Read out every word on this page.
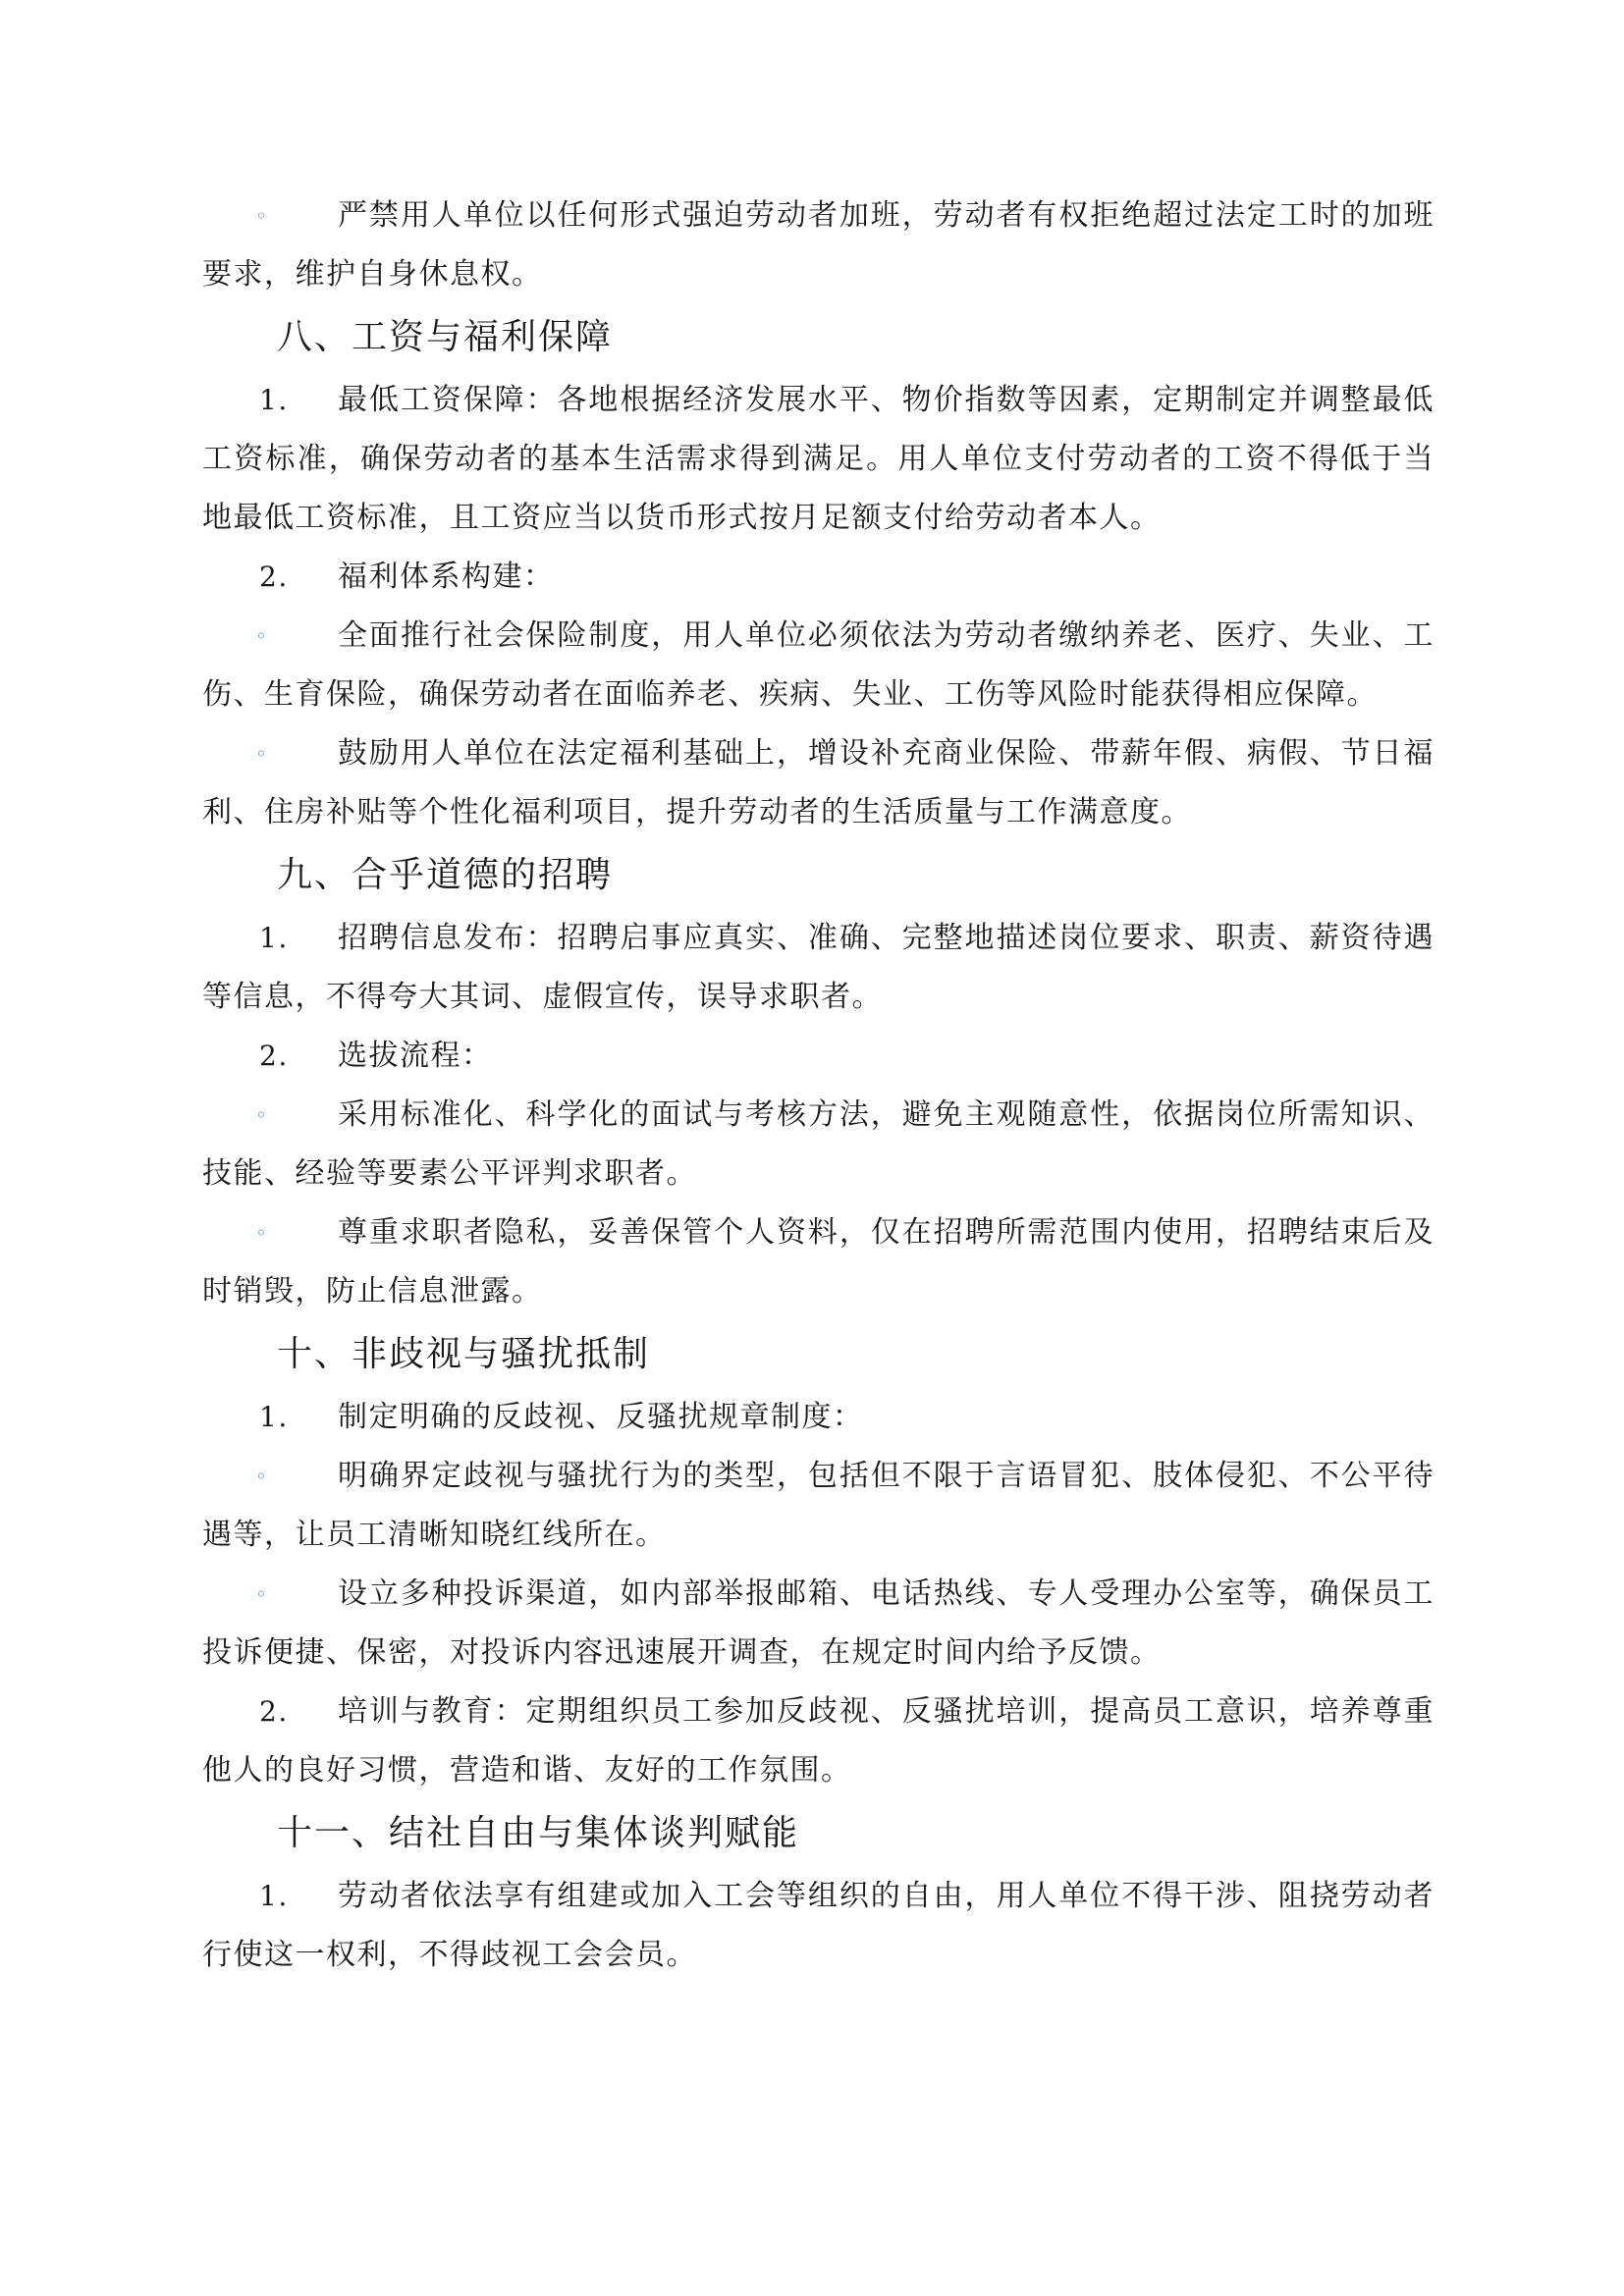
◦ 严禁用人单位以任何形式强迫劳动者加班，劳动者有权拒绝超过法定工时的加班要求，维护自身休息权。

八、工资与福利保障

1. 最低工资保障：各地根据经济发展水平、物价指数等因素，定期制定并调整最低工资标准，确保劳动者的基本生活需求得到满足。用人单位支付劳动者的工资不得低于当地最低工资标准，且工资应当以货币形式按月足额支付给劳动者本人。

2. 福利体系构建：

◦ 全面推行社会保险制度，用人单位必须依法为劳动者缴纳养老、医疗、失业、工伤、生育保险，确保劳动者在面临养老、疾病、失业、工伤等风险时能获得相应保障。

◦ 鼓励用人单位在法定福利基础上，增设补充商业保险、带薪年假、病假、节日福利、住房补贴等个性化福利项目，提升劳动者的生活质量与工作满意度。

九、合乎道德的招聘

1. 招聘信息发布：招聘启事应真实、准确、完整地描述岗位要求、职责、薪资待遇等信息，不得夸大其词、虚假宣传，误导求职者。

2. 选拔流程：

◦ 采用标准化、科学化的面试与考核方法，避免主观随意性，依据岗位所需知识、技能、经验等要素公平评判求职者。

◦ 尊重求职者隐私，妥善保管个人资料，仅在招聘所需范围内使用，招聘结束后及时销毁，防止信息泄露。

十、非歧视与骚扰抵制

1. 制定明确的反歧视、反骚扰规章制度：

◦ 明确界定歧视与骚扰行为的类型，包括但不限于言语冒犯、肢体侵犯、不公平待遇等，让员工清晰知晓红线所在。

◦ 设立多种投诉渠道，如内部举报邮箱、电话热线、专人受理办公室等，确保员工投诉便捷、保密，对投诉内容迅速展开调查，在规定时间内给予反馈。

2. 培训与教育：定期组织员工参加反歧视、反骚扰培训，提高员工意识，培养尊重他人的良好习惯，营造和谐、友好的工作氛围。

十一、结社自由与集体谈判赋能

1. 劳动者依法享有组建或加入工会等组织的自由，用人单位不得干涉、阻挠劳动者行使这一权利，不得歧视工会会员。
